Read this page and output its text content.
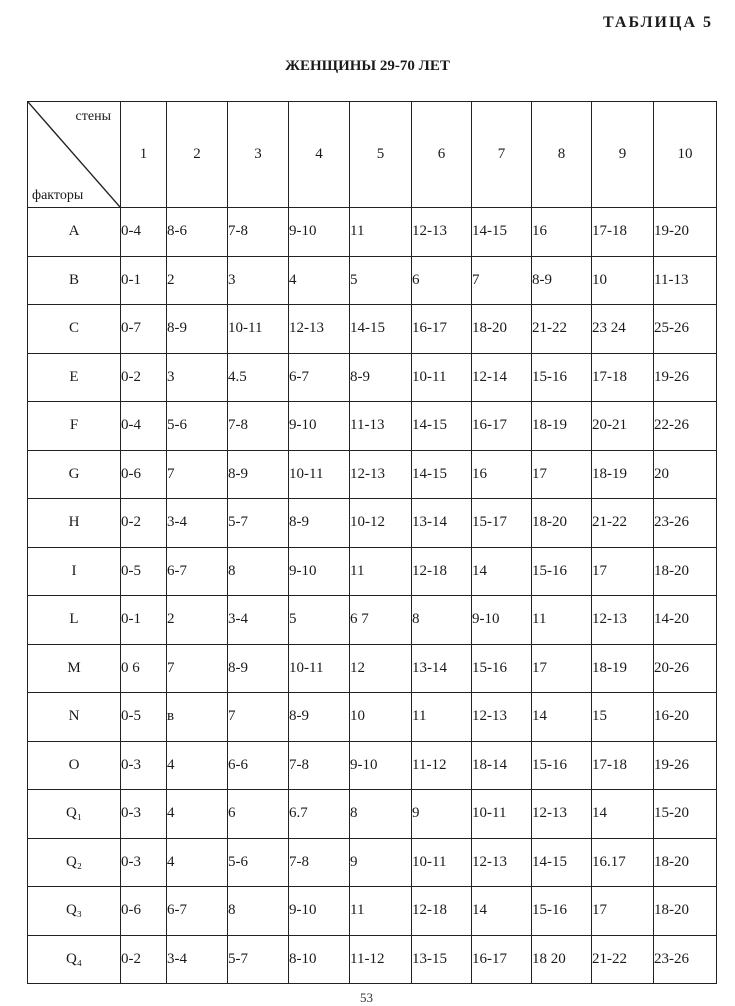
ТАБЛИЦА 5
ЖЕНЩИНЫ 29-70 ЛЕТ
стены
факторы	1	2	3	4	5	6	7	8	9	10
A	0-4	8-6	7-8	9-10	11	12-13	14-15	16	17-18	19-20
B	0-1	2	3	4	5	6	7	8-9	10	11-13
C	0-7	8-9	10-11	12-13	14-15	16-17	18-20	21-22	23 24	25-26
E	0-2	3	4.5	6-7	8-9	10-11	12-14	15-16	17-18	19-26
F	0-4	5-6	7-8	9-10	11-13	14-15	16-17	18-19	20-21	22-26
G	0-6	7	8-9	10-11	12-13	14-15	16	17	18-19	20
H	0-2	3-4	5-7	8-9	10-12	13-14	15-17	18-20	21-22	23-26
I	0-5	6-7	8	9-10	11	12-18	14	15-16	17	18-20
L	0-1	2	3-4	5	6 7	8	9-10	11	12-13	14-20
M	0 6	7	8-9	10-11	12	13-14	15-16	17	18-19	20-26
N	0-5	в	7	8-9	10	11	12-13	14	15	16-20
O	0-3	4	6-6	7-8	9-10	11-12	18-14	15-16	17-18	19-26
Q₁	0-3	4	6	6.7	8	9	10-11	12-13	14	15-20
Q₂	0-3	4	5-6	7-8	9	10-11	12-13	14-15	16.17	18-20
Q₃	0-6	6-7	8	9-10	11	12-18	14	15-16	17	18-20
Q₄	0-2	3-4	5-7	8-10	11-12	13-15	16-17	18 20	21-22	23-26
53
